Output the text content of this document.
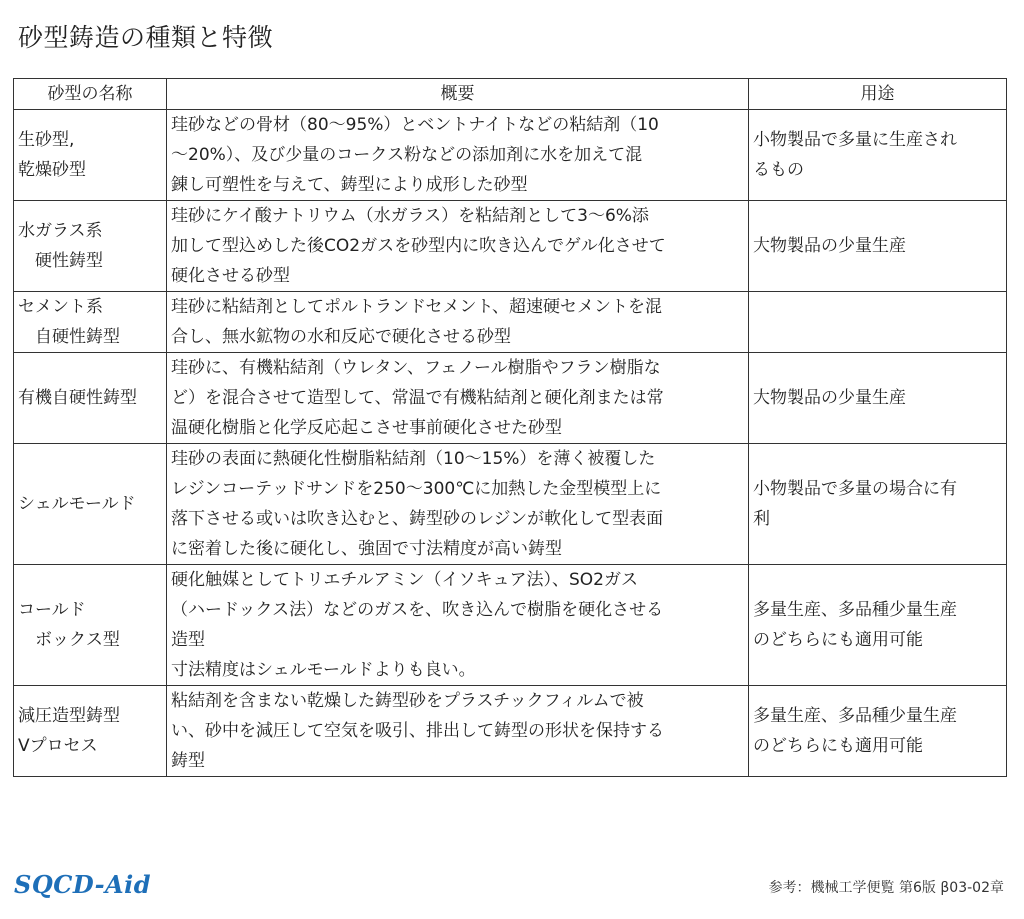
砂型鋳造の種類と特徴
砂型の名称	概要	用途

生砂型,
乾燥砂型	珪砂などの骨材（80～95%）とベントナイトなどの粘結剤（10
～20%）、及び少量のコークス粉などの添加剤に水を加えて混
錬し可塑性を与えて、鋳型により成形した砂型	小物製品で多量に生産され
るもの

水ガラス系
　硬性鋳型	珪砂にケイ酸ナトリウム（水ガラス）を粘結剤として3～6%添
加して型込めした後CO2ガスを砂型内に吹き込んでゲル化させて
硬化させる砂型	大物製品の少量生産

セメント系
　自硬性鋳型	珪砂に粘結剤としてポルトランドセメント、超速硬セメントを混
合し、無水鉱物の水和反応で硬化させる砂型	

有機自硬性鋳型	珪砂に、有機粘結剤（ウレタン、フェノール樹脂やフラン樹脂な
ど）を混合させて造型して、常温で有機粘結剤と硬化剤または常
温硬化樹脂と化学反応起こさせ事前硬化させた砂型	大物製品の少量生産

シェルモールド	珪砂の表面に熱硬化性樹脂粘結剤（10～15%）を薄く被覆した
レジンコーテッドサンドを250～300℃に加熱した金型模型上に
落下させる或いは吹き込むと、鋳型砂のレジンが軟化して型表面
に密着した後に硬化し、強固で寸法精度が高い鋳型	小物製品で多量の場合に有
利

コールド
　ボックス型	硬化触媒としてトリエチルアミン（イソキュア法）、SO2ガス
（ハードックス法）などのガスを、吹き込んで樹脂を硬化させる
造型
寸法精度はシェルモールドよりも良い。	多量生産、多品種少量生産
のどちらにも適用可能

減圧造型鋳型
Vプロセス	粘結剤を含まない乾燥した鋳型砂をプラスチックフィルムで被
い、砂中を減圧して空気を吸引、排出して鋳型の形状を保持する
鋳型	多量生産、多品種少量生産
のどちらにも適用可能
SQCD-Aid	参考：機械工学便覧 第6版 β03-02章
